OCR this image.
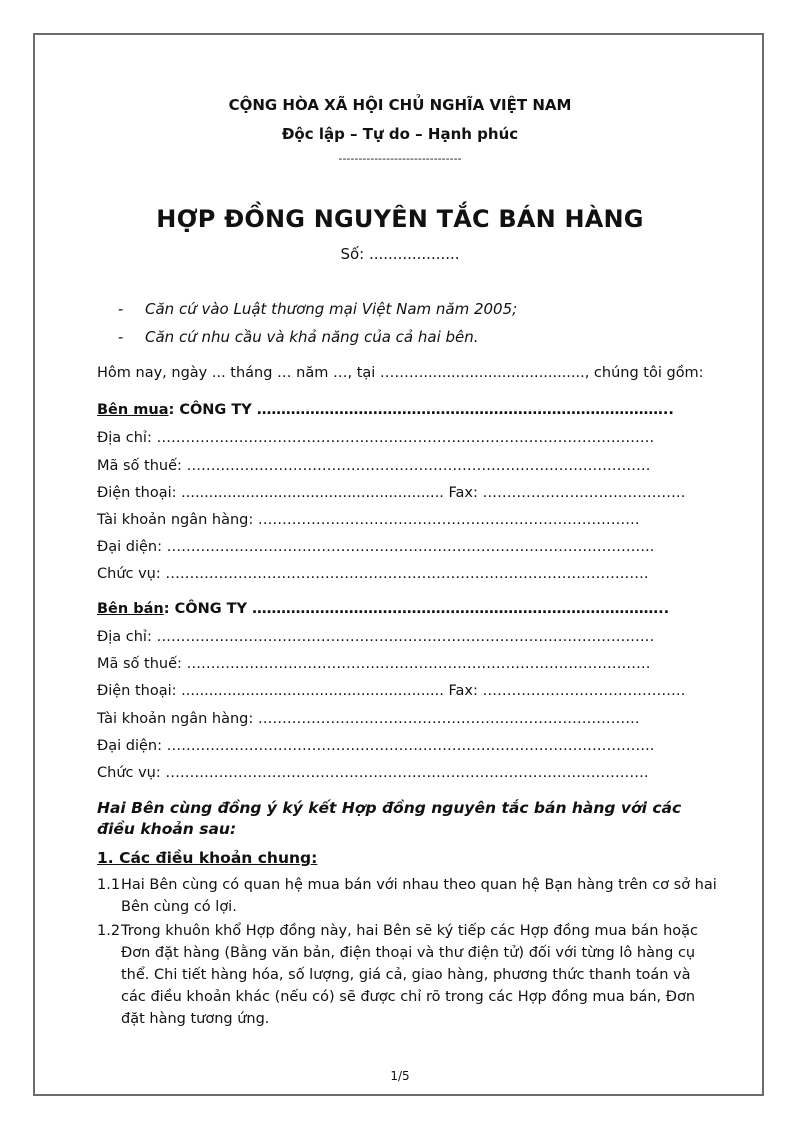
CỘNG HÒA XÃ HỘI CHỦ NGHĨA VIỆT NAM
Độc lập – Tự do – Hạnh phúc
-------------------------------
HỢP ĐỒNG NGUYÊN TẮC BÁN HÀNG
Số: ...................
- Căn cứ vào Luật thương mại Việt Nam năm 2005;
- Căn cứ nhu cầu và khả năng của cả hai bên.
Hôm nay, ngày ... tháng … năm …, tại ………..................................., chúng tôi gồm:
Bên mua: CÔNG TY …………………………………………………………………………..
Địa chỉ: ………………………………………………………………………………………….
Mã số thuế: ……………………………………………………………………………………
Điện thoại: ......................................................... Fax: ……………………………………
Tài khoản ngân hàng: …………………………………………………………………….
Đại diện: ………………………………………………………………………………………..
Chức vụ: ……………………………………………………………………………………….
Bên bán: CÔNG TY …………………………………………………………………………..
Địa chỉ: ………………………………………………………………………………………….
Mã số thuế: ……………………………………………………………………………………
Điện thoại: ......................................................... Fax: ……………………………………
Tài khoản ngân hàng: …………………………………………………………………….
Đại diện: ………………………………………………………………………………………..
Chức vụ: ……………………………………………………………………………………….
Hai Bên cùng đồng ý ký kết Hợp đồng nguyên tắc bán hàng với các điều khoản sau:
1. Các điều khoản chung:
1.1 Hai Bên cùng có quan hệ mua bán với nhau theo quan hệ Bạn hàng trên cơ sở hai Bên cùng có lợi.
1.2 Trong khuôn khổ Hợp đồng này, hai Bên sẽ ký tiếp các Hợp đồng mua bán hoặc Đơn đặt hàng (Bằng văn bản, điện thoại và thư điện tử) đối với từng lô hàng cụ thể. Chi tiết hàng hóa, số lượng, giá cả, giao hàng, phương thức thanh toán và các điều khoản khác (nếu có) sẽ được chỉ rõ trong các Hợp đồng mua bán, Đơn đặt hàng tương ứng.
1/5
